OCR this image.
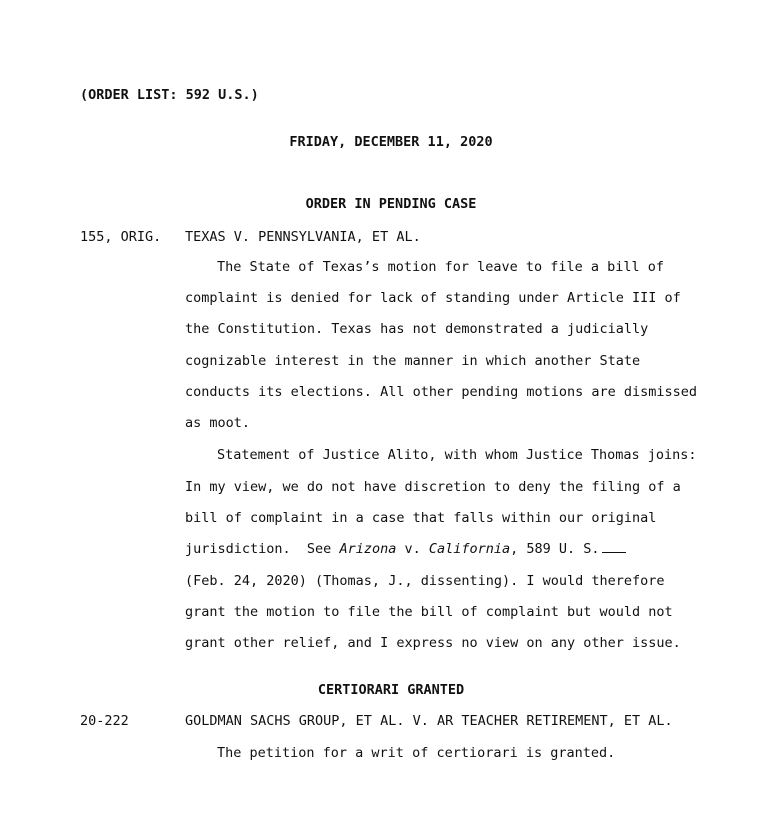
(ORDER LIST: 592 U.S.)
FRIDAY, DECEMBER 11, 2020
ORDER IN PENDING CASE
155, ORIG. TEXAS V. PENNSYLVANIA, ET AL.
The State of Texas’s motion for leave to file a bill of
complaint is denied for lack of standing under Article III of
the Constitution. Texas has not demonstrated a judicially
cognizable interest in the manner in which another State
conducts its elections. All other pending motions are dismissed
as moot.
Statement of Justice Alito, with whom Justice Thomas joins:
In my view, we do not have discretion to deny the filing of a
bill of complaint in a case that falls within our original
jurisdiction.  See Arizona v. California, 589 U. S.
(Feb. 24, 2020) (Thomas, J., dissenting). I would therefore
grant the motion to file the bill of complaint but would not
grant other relief, and I express no view on any other issue.
CERTIORARI GRANTED
20-222	GOLDMAN SACHS GROUP, ET AL. V. AR TEACHER RETIREMENT, ET AL.
The petition for a writ of certiorari is granted.
